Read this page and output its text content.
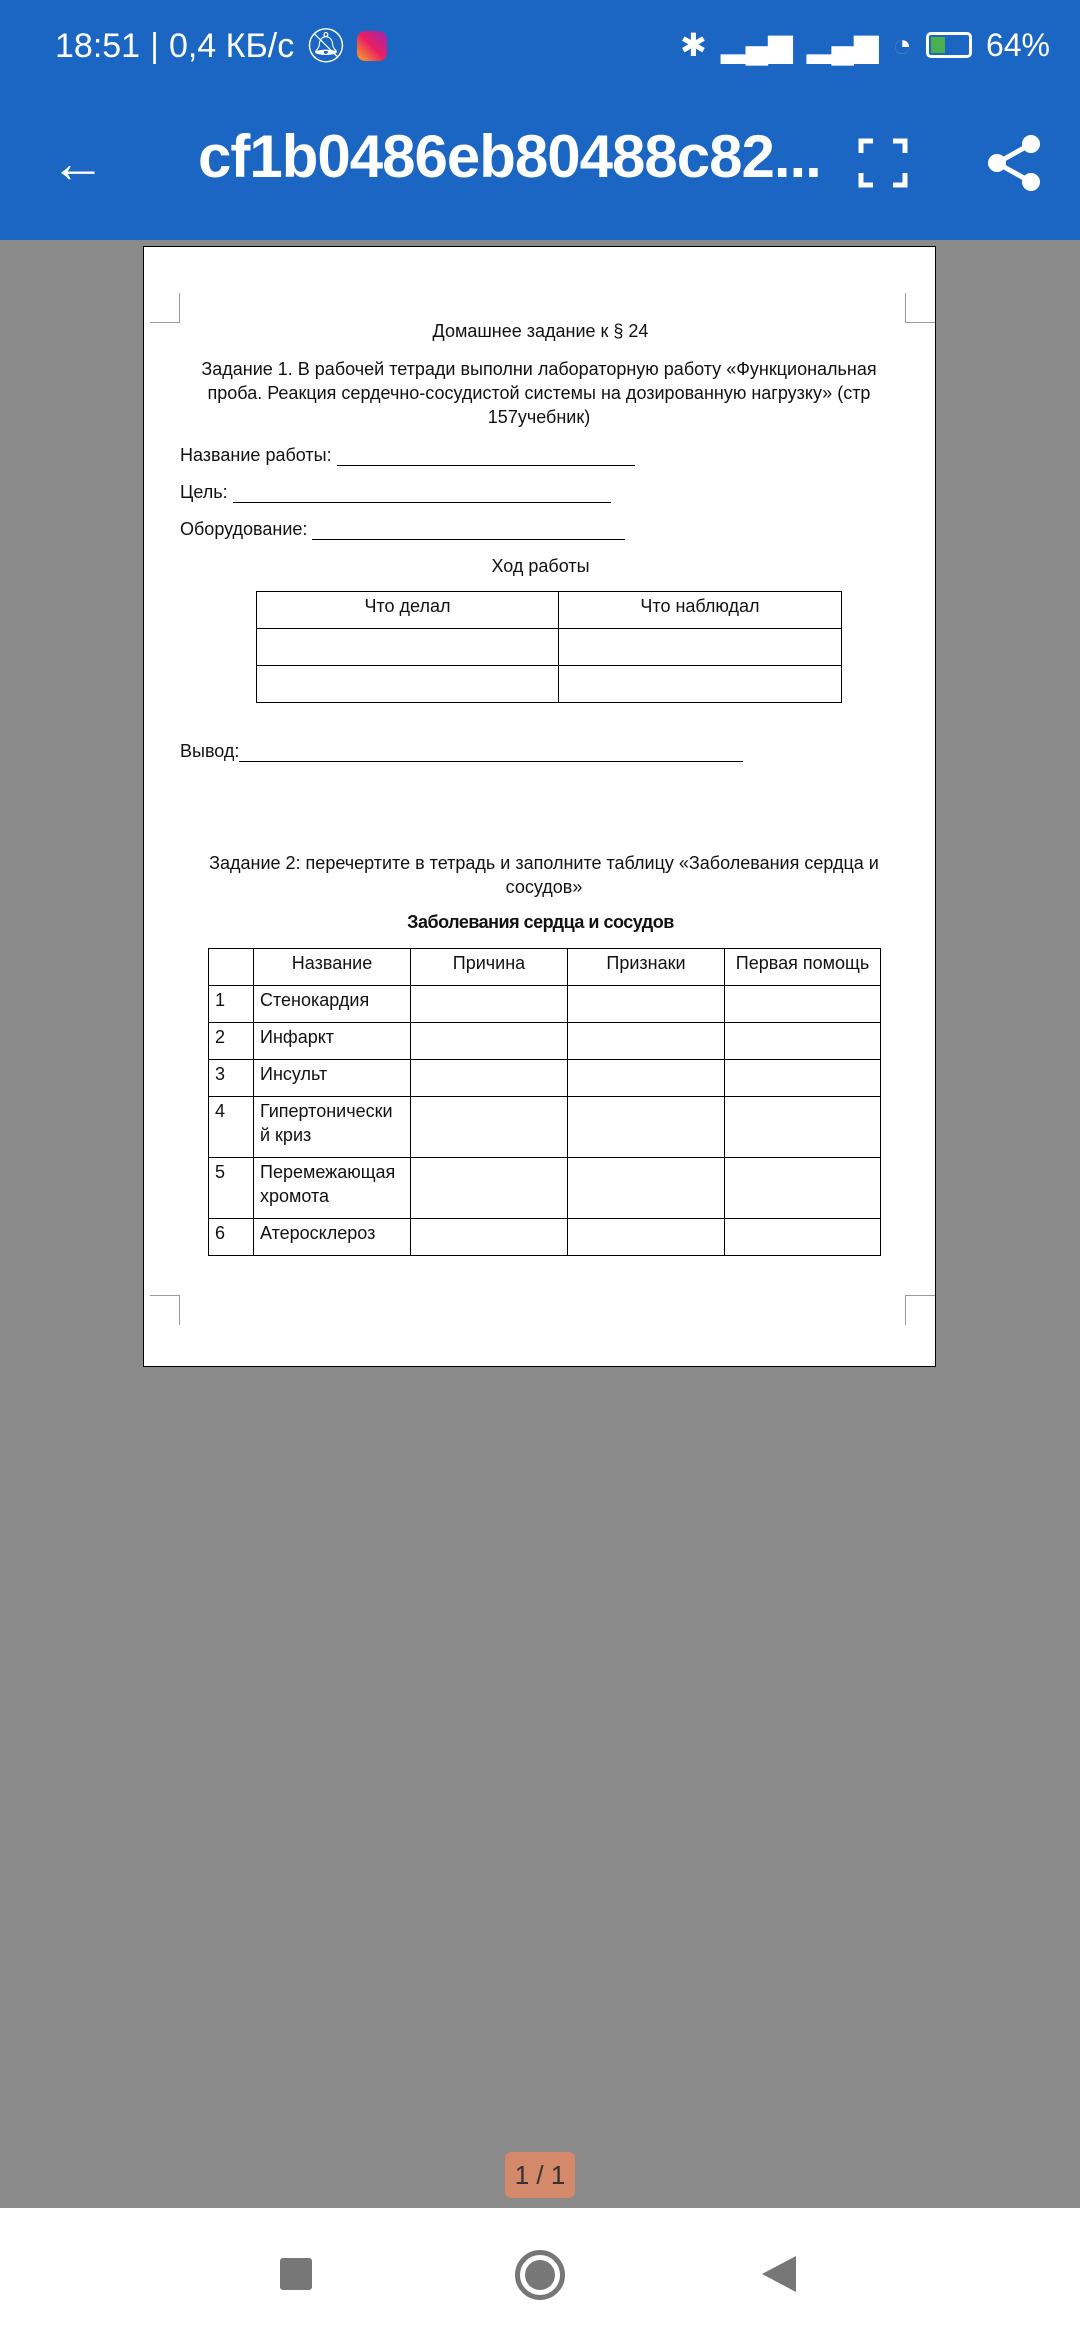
18:51 | 0,4 КБ/с 🔕︎	✱ ▂▄▆ ▂▄▆ ◔ 64%
← cf1b0486eb80488c82...
Домашнее задание к § 24
Задание 1. В рабочей тетради выполни лабораторную работу «Функциональная проба. Реакция сердечно-сосудистой системы на дозированную нагрузку» (стр 157учебник)
Название работы:
Цель:
Оборудование:
Ход работы
Что делал	Что наблюдал

Вывод:
Задание 2: перечертите в тетрадь и заполните таблицу «Заболевания сердца и сосудов»
Заболевания сердца и сосудов
	Название	Причина	Признаки	Первая помощь
1	Стенокардия			
2	Инфаркт			
3	Инсульт			
4	Гипертонически й криз			
5	Перемежающая хромота			
6	Атеросклероз			
1 / 1
